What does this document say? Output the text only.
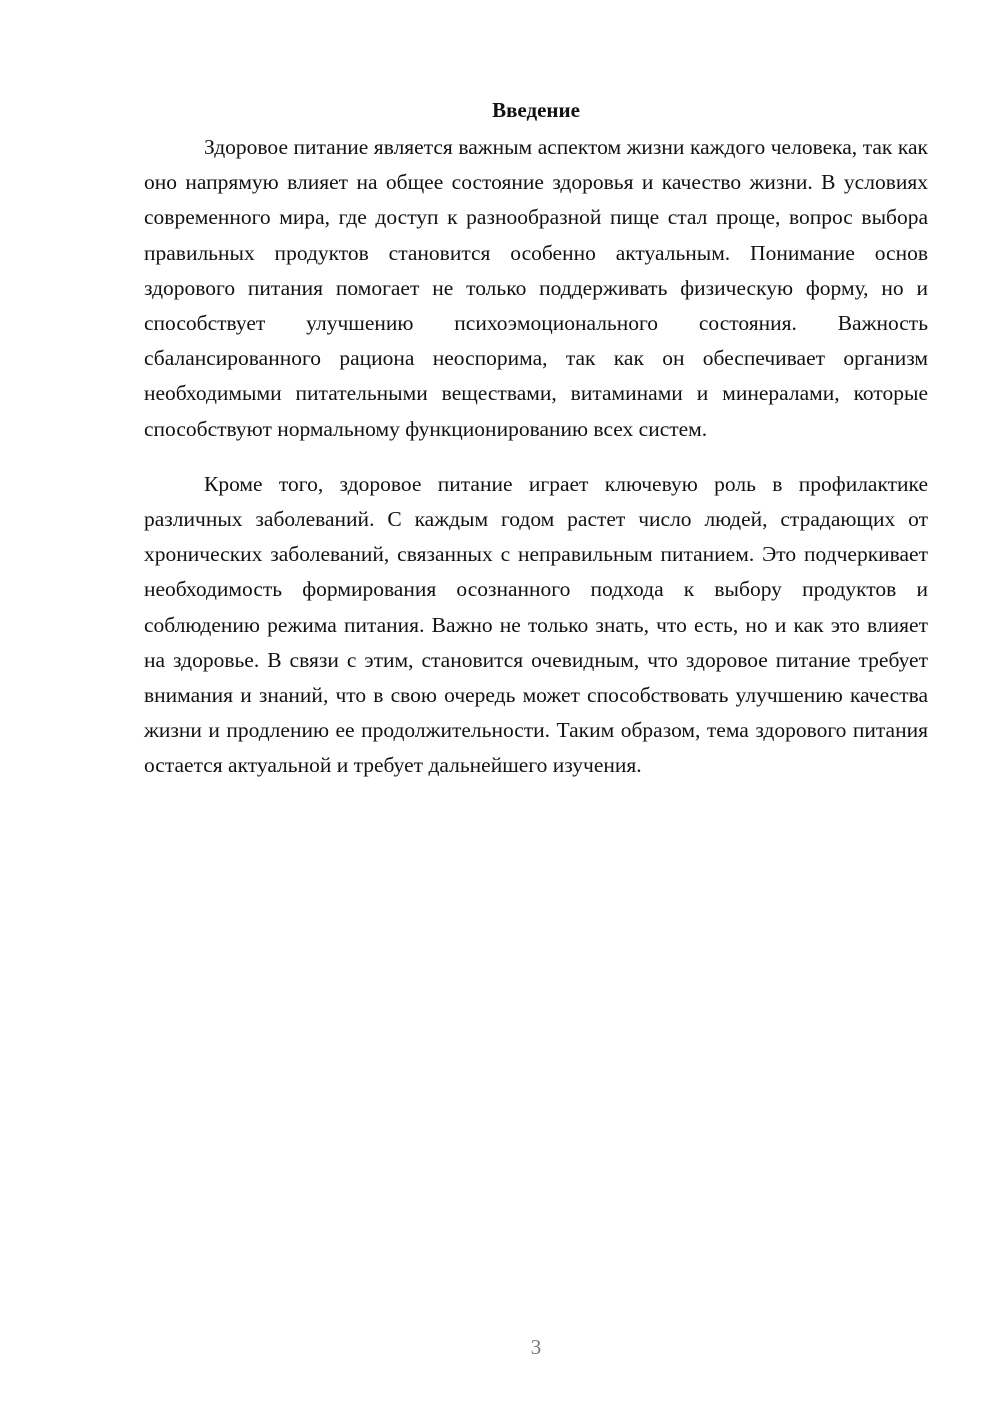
Введение

Здоровое питание является важным аспектом жизни каждого человека, так как оно напрямую влияет на общее состояние здоровья и качество жизни. В условиях современного мира, где доступ к разнообразной пище стал проще, вопрос выбора правильных продуктов становится особенно актуальным. Понимание основ здорового питания помогает не только поддерживать физическую форму, но и способствует улучшению психоэмоционального состояния. Важность сбалансированного рациона неоспорима, так как он обеспечивает организм необходимыми питательными веществами, витаминами и минералами, которые способствуют нормальному функционированию всех систем.

Кроме того, здоровое питание играет ключевую роль в профилактике различных заболеваний. С каждым годом растет число людей, страдающих от хронических заболеваний, связанных с неправильным питанием. Это подчеркивает необходимость формирования осознанного подхода к выбору продуктов и соблюдению режима питания. Важно не только знать, что есть, но и как это влияет на здоровье. В связи с этим, становится очевидным, что здоровое питание требует внимания и знаний, что в свою очередь может способствовать улучшению качества жизни и продлению ее продолжительности. Таким образом, тема здорового питания остается актуальной и требует дальнейшего изучения.

3
